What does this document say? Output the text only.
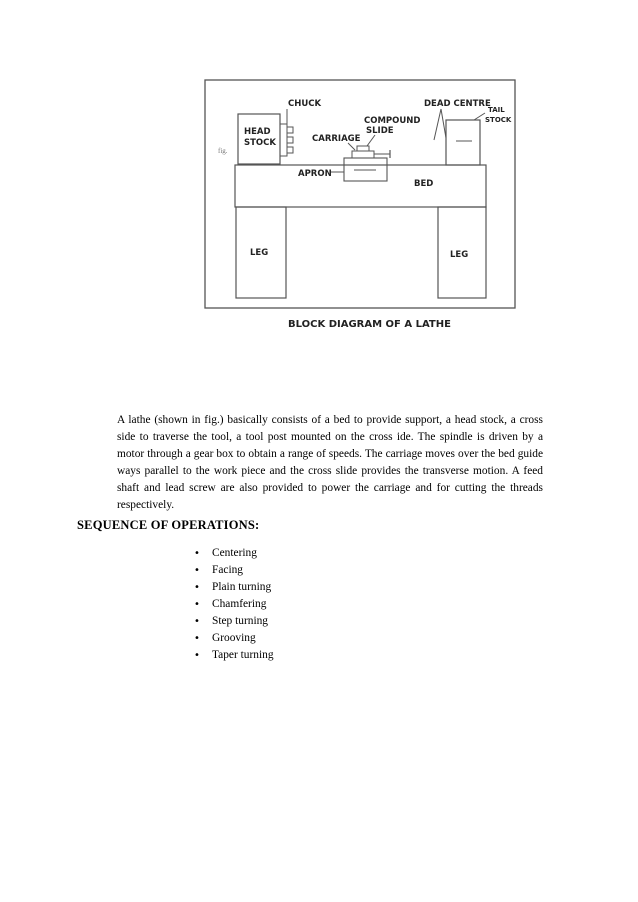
CHUCK
HEAD
STOCK
COMPOUND
SLIDE
CARRIAGE
DEAD CENTRE
TAIL
STOCK
APRON
BED
LEG	LEG
fig.
BLOCK DIAGRAM OF A LATHE

A lathe (shown in fig.) basically consists of a bed to provide support, a head stock, a cross side to traverse the tool, a tool post mounted on the cross ide. The spindle is driven by a motor through a gear box to obtain a range of speeds. The carriage moves over the bed guide ways parallel to the work piece and the cross slide provides the transverse motion. A feed shaft and lead screw are also provided to power the carriage and for cutting the threads respectively.

SEQUENCE OF OPERATIONS:
• Centering
• Facing
• Plain turning
• Chamfering
• Step turning
• Grooving
• Taper turning
